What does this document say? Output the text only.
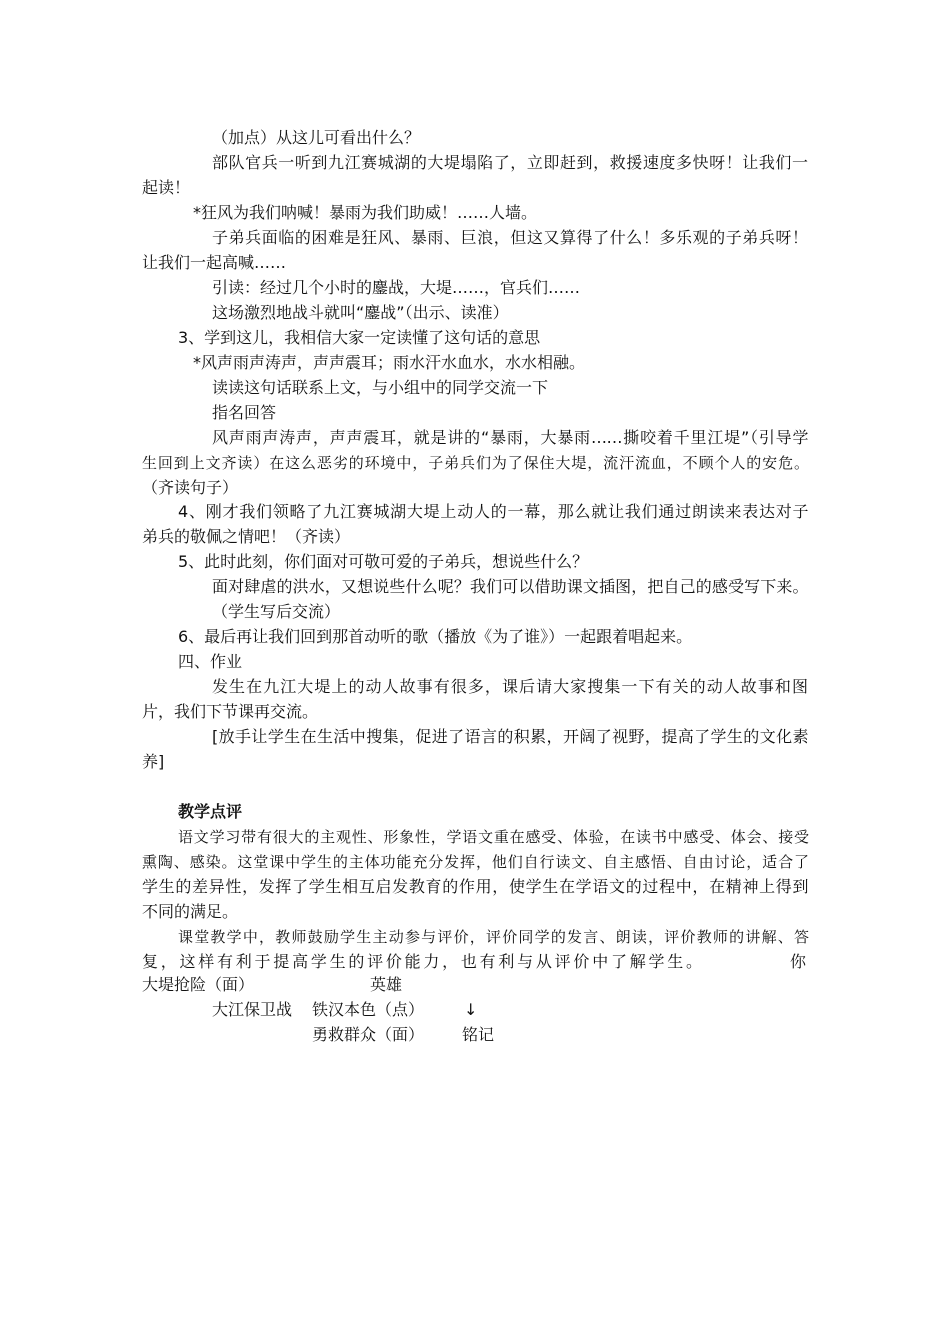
（加点）从这儿可看出什么？
部队官兵一听到九江赛城湖的大堤塌陷了，立即赶到，救援速度多快呀！让我们一
起读！
*狂风为我们呐喊！暴雨为我们助威！……人墙。
子弟兵面临的困难是狂风、暴雨、巨浪，但这又算得了什么！多乐观的子弟兵呀！
让我们一起高喊……
引读：经过几个小时的鏖战，大堤……，官兵们……
这场激烈地战斗就叫“鏖战”（出示、读准）
3、学到这儿，我相信大家一定读懂了这句话的意思
*风声雨声涛声，声声震耳；雨水汗水血水，水水相融。
读读这句话联系上文，与小组中的同学交流一下
指名回答
风声雨声涛声，声声震耳，就是讲的“暴雨，大暴雨……撕咬着千里江堤”（引导学
生回到上文齐读）在这么恶劣的环境中，子弟兵们为了保住大堤，流汗流血，不顾个人的安危。
（齐读句子）
4、刚才我们领略了九江赛城湖大堤上动人的一幕，那么就让我们通过朗读来表达对子
弟兵的敬佩之情吧！（齐读）
5、此时此刻，你们面对可敬可爱的子弟兵，想说些什么？
面对肆虐的洪水，又想说些什么呢？我们可以借助课文插图，把自己的感受写下来。
（学生写后交流）
6、最后再让我们回到那首动听的歌（播放《为了谁》）一起跟着唱起来。
四、作业
发生在九江大堤上的动人故事有很多，课后请大家搜集一下有关的动人故事和图
片，我们下节课再交流。
[放手让学生在生活中搜集，促进了语言的积累，开阔了视野，提高了学生的文化素
养]
教学点评
语文学习带有很大的主观性、形象性，学语文重在感受、体验，在读书中感受、体会、接受
熏陶、感染。这堂课中学生的主体功能充分发挥，他们自行读文、自主感悟、自由讨论，适合了
学生的差异性，发挥了学生相互启发教育的作用，使学生在学语文的过程中，在精神上得到
不同的满足。
课堂教学中，教师鼓励学生主动参与评价，评价同学的发言、朗读，评价教师的讲解、答
复，这样有利于提高学生的评价能力，也有利与从评价中了解学生。	你
大堤抢险（面）	英雄
大江保卫战 铁汉本色（点） ↓
勇救群众（面） 铭记
